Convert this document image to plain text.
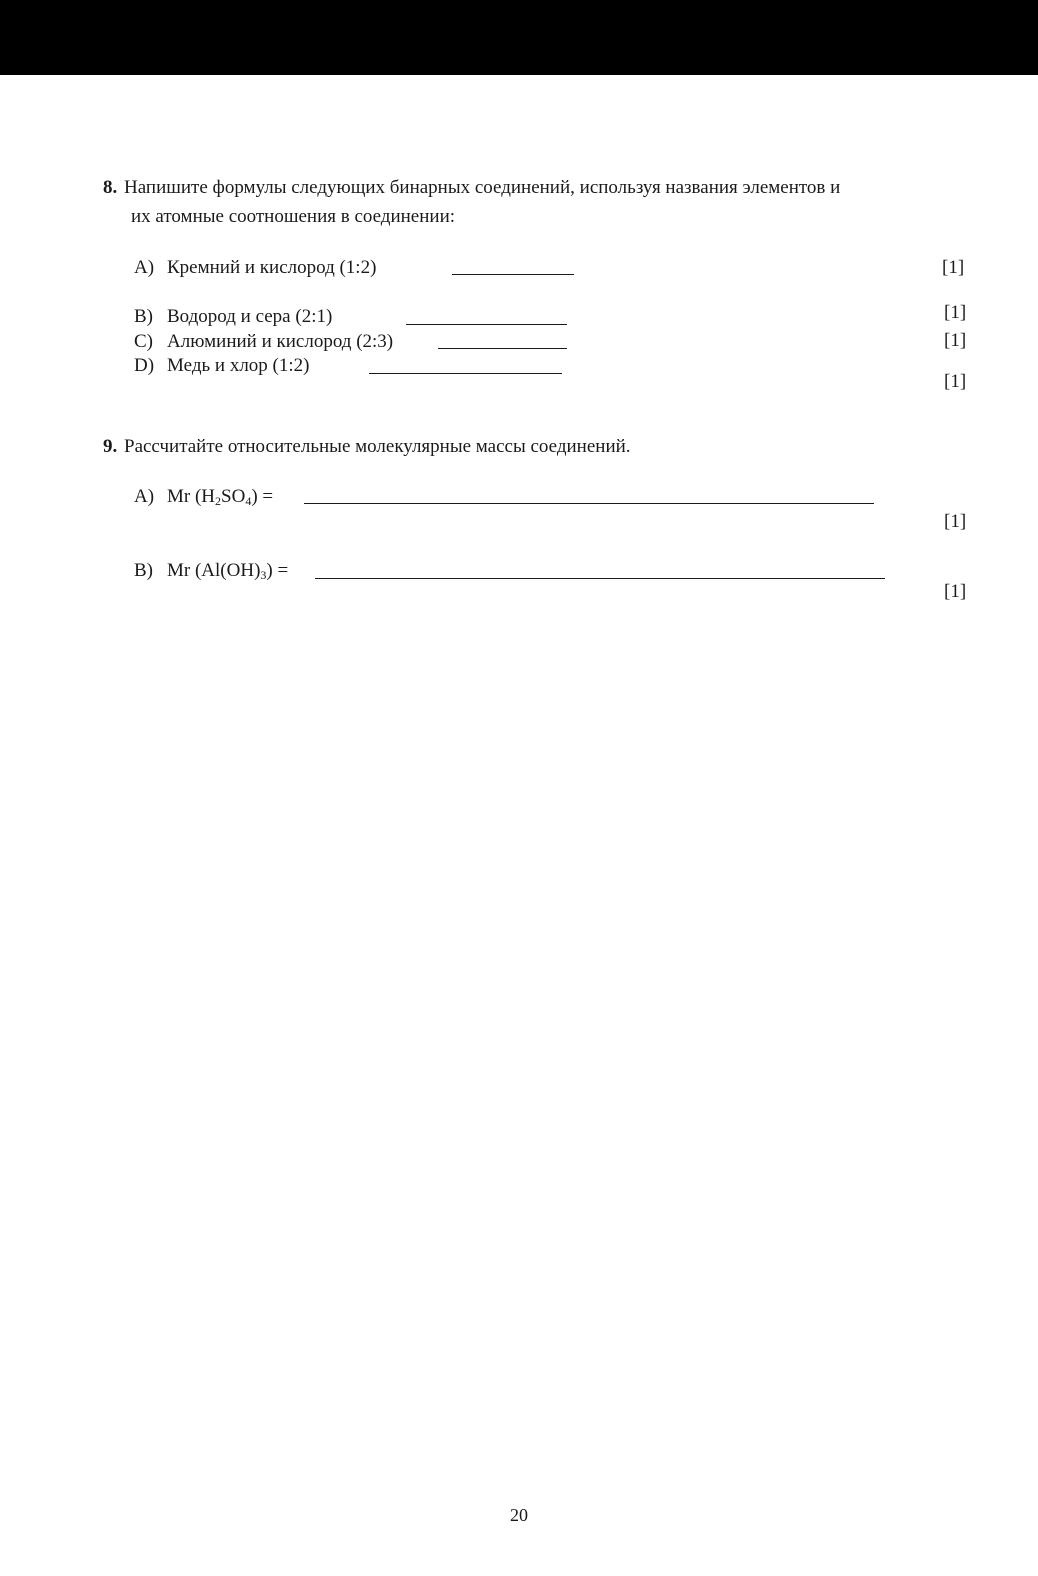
8. Напишите формулы следующих бинарных соединений, используя названия элементов и
их атомные соотношения в соединении:
A) Кремний и кислород (1:2)	[1]
B) Водород и сера (2:1)	[1]
C) Алюминий и кислород (2:3)	[1]
D) Медь и хлор (1:2)
[1]
9. Рассчитайте относительные молекулярные массы соединений.
A) Mr $(H_2SO_4)$ =
[1]
B) Mr $(Al(OH)_3)$ =
[1]
20
